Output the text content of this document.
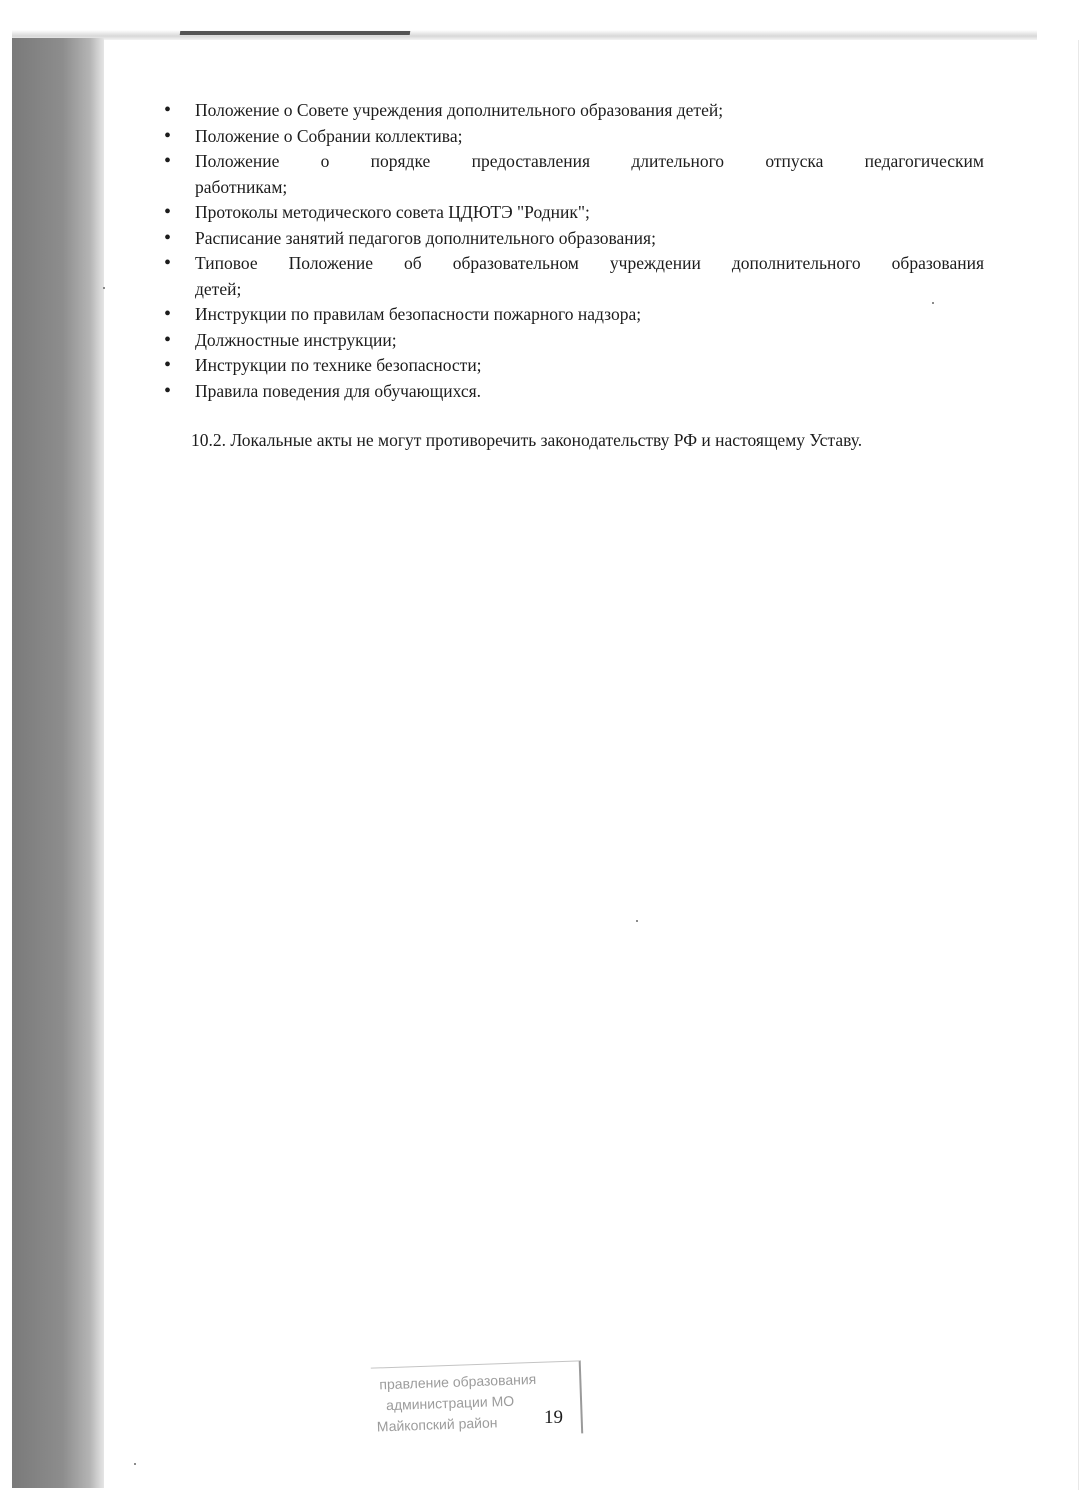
• Положение о Совете учреждения дополнительного образования детей;
• Положение о Собрании коллектива;
• Положение о порядке предоставления длительного отпуска педагогическим
работникам;
• Протоколы методического совета ЦДЮТЭ "Родник";
• Расписание занятий педагогов дополнительного образования;
• Типовое Положение об образовательном учреждении дополнительного образования
детей;
• Инструкции по правилам безопасности пожарного надзора;
• Должностные инструкции;
• Инструкции по технике безопасности;
• Правила поведения для обучающихся.

10.2. Локальные акты не могут противоречить законодательству РФ и настоящему Уставу.

правление образования
администрации МО
Майкопский район 19
